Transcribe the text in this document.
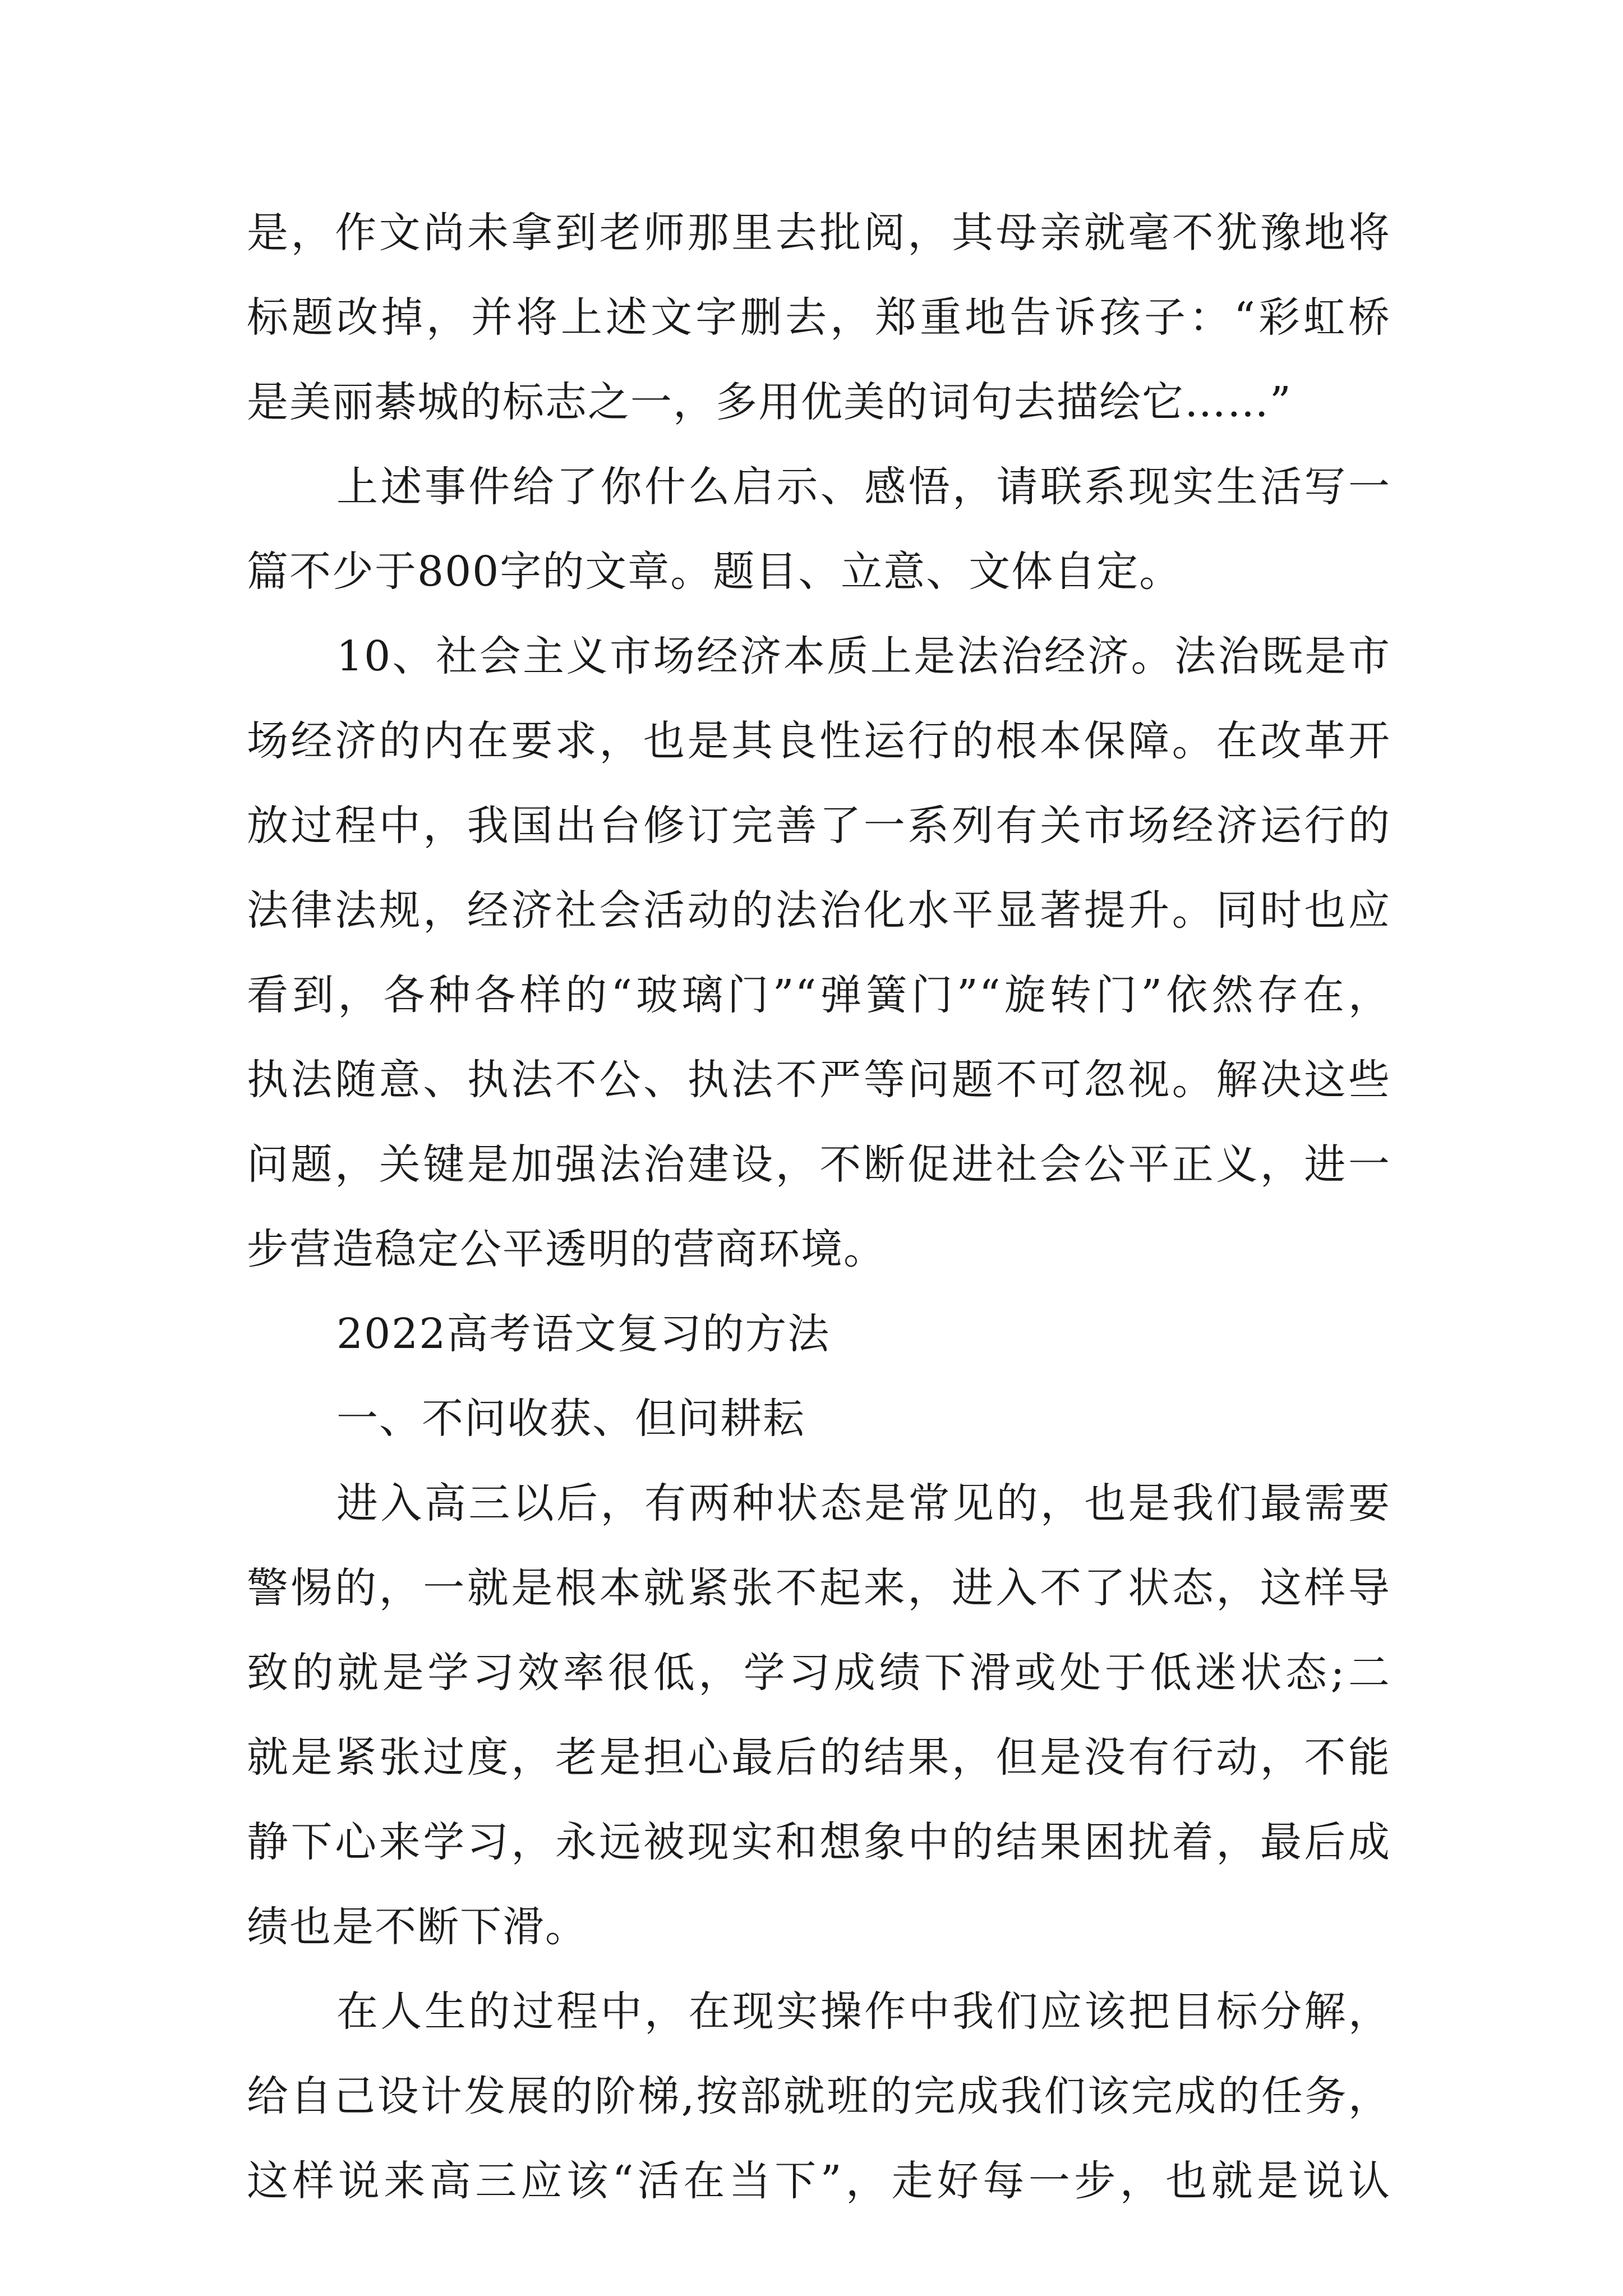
是，作文尚未拿到老师那里去批阅，其母亲就毫不犹豫地将
标题改掉，并将上述文字删去，郑重地告诉孩子：“彩虹桥
是美丽綦城的标志之一，多用优美的词句去描绘它……”
上述事件给了你什么启示、感悟，请联系现实生活写一
篇不少于800字的文章。题目、立意、文体自定。
10、社会主义市场经济本质上是法治经济。法治既是市
场经济的内在要求，也是其良性运行的根本保障。在改革开
放过程中，我国出台修订完善了一系列有关市场经济运行的
法律法规，经济社会活动的法治化水平显著提升。同时也应
看到，各种各样的“玻璃门”“弹簧门”“旋转门”依然存在，
执法随意、执法不公、执法不严等问题不可忽视。解决这些
问题，关键是加强法治建设，不断促进社会公平正义，进一
步营造稳定公平透明的营商环境。
2022高考语文复习的方法
一、不问收获、但问耕耘
进入高三以后，有两种状态是常见的，也是我们最需要
警惕的，一就是根本就紧张不起来，进入不了状态，这样导
致的就是学习效率很低，学习成绩下滑或处于低迷状态;二
就是紧张过度，老是担心最后的结果，但是没有行动，不能
静下心来学习，永远被现实和想象中的结果困扰着，最后成
绩也是不断下滑。
在人生的过程中，在现实操作中我们应该把目标分解，
给自己设计发展的阶梯,按部就班的完成我们该完成的任务，
这样说来高三应该“活在当下”，走好每一步，也就是说认
